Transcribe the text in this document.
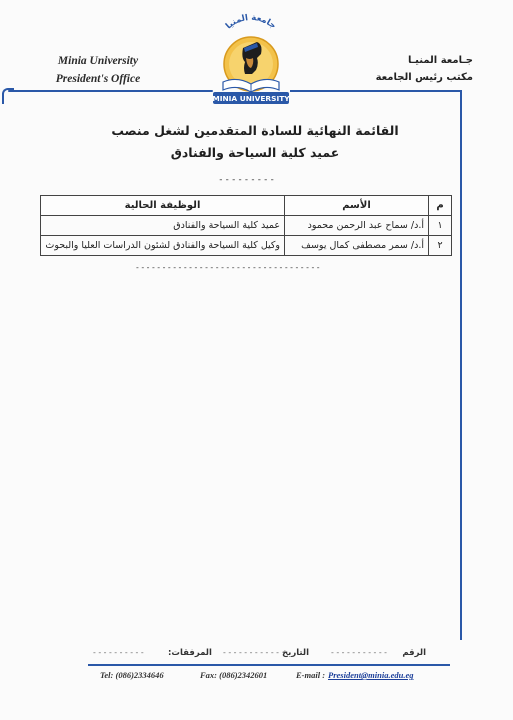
Minia University
President's Office
جامعة المنيا
MINIA UNIVERSITY
جـامعة المنيـا
مكتب رئيس الجامعة
القائمة النهائية للسادة المتقدمين لشغل منصب
عميد كلية السياحة والفنادق
---------
م	الأسم	الوظيفة الحالية
١	أ.د/ سماح عبد الرحمن محمود	عميد كلية السياحة والفنادق
٢	أ.د/ سمر مصطفى كمال يوسف	وكيل كلية السياحة والفنادق لشئون الدراسات العليا والبحوث
-----------------------------------
الرقم
-----------
التاريخ
-----------
المرفقات:
----------
Tel: (086)2334646	Fax: (086)2342601	E-mail : President@minia.edu.eg
